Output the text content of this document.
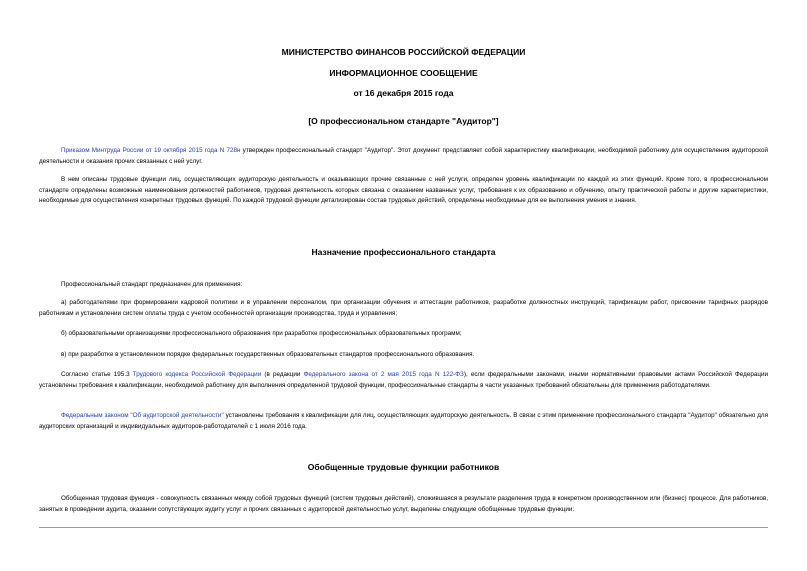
МИНИСТЕРСТВО ФИНАНСОВ РОССИЙСКОЙ ФЕДЕРАЦИИ
ИНФОРМАЦИОННОЕ СООБЩЕНИЕ
от 16 декабря 2015 года
[О профессиональном стандарте "Аудитор"]

Приказом Минтруда России от 19 октября 2015 года N 728н утвержден профессиональный стандарт "Аудитор". Этот документ представляет собой характеристику квалификации, необходимой работнику для осуществления аудиторской деятельности и оказания прочих связанных с ней услуг.

В нем описаны трудовые функции лиц, осуществляющих аудиторскую деятельность и оказывающих прочие связанные с ней услуги, определен уровень квалификации по каждой из этих функций. Кроме того, в профессиональном стандарте определены возможные наименования должностей работников, трудовая деятельность которых связана с оказанием названных услуг, требования к их образованию и обучению, опыту практической работы и другие характеристики, необходимые для осуществления конкретных трудовых функций. По каждой трудовой функции детализирован состав трудовых действий, определены необходимые для ее выполнения умения и знания.

Назначение профессионального стандарта

Профессиональный стандарт предназначен для применения:

а) работодателями при формировании кадровой политики и в управлении персоналом, при организации обучения и аттестации работников, разработке должностных инструкций, тарификации работ, присвоении тарифных разрядов работникам и установлении систем оплаты труда с учетом особенностей организации производства, труда и управления;

б) образовательными организациями профессионального образования при разработке профессиональных образовательных программ;

в) при разработке в установленном порядке федеральных государственных образовательных стандартов профессионального образования.

Согласно статье 195.3 Трудового кодекса Российской Федерации (в редакции Федерального закона от 2 мая 2015 года N 122-ФЗ), если федеральными законами, иными нормативными правовыми актами Российской Федерации установлены требования к квалификации, необходимой работнику для выполнения определенной трудовой функции, профессиональные стандарты в части указанных требований обязательны для применения работодателями.

Федеральным законом "Об аудиторской деятельности" установлены требования к квалификации для лиц, осуществляющих аудиторскую деятельность. В связи с этим применение профессионального стандарта "Аудитор" обязательно для аудиторских организаций и индивидуальных аудиторов-работодателей с 1 июля 2016 года.

Обобщенные трудовые функции работников

Обобщенная трудовая функция - совокупность связанных между собой трудовых функций (систем трудовых действий), сложившаяся в результате разделения труда в конкретном производственном или (бизнес) процессе. Для работников, занятых в проведении аудита, оказании сопутствующих аудиту услуг и прочих связанных с аудиторской деятельностью услуг, выделены следующие обобщенные трудовые функции:
